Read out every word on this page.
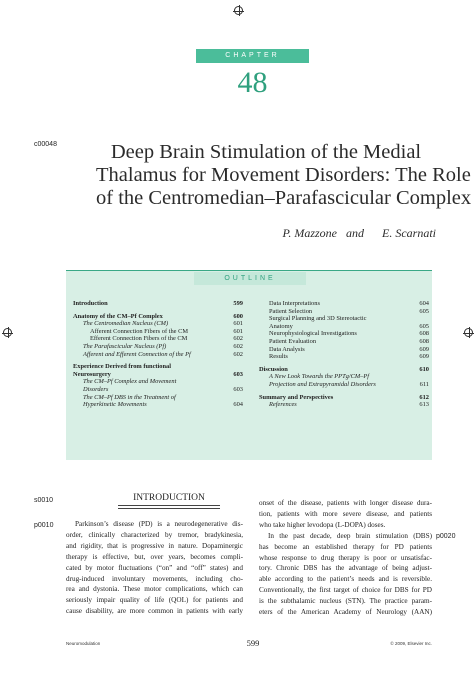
CHAPTER
48
c00048	Deep Brain Stimulation of the Medial
Thalamus for Movement Disorders: The Role
of the Centromedian–Parafascicular Complex
P. Mazzone and E. Scarnati
OUTLINE
Introduction	599
Anatomy of the CM–Pf Complex	600
The Centromedian Nucleus (CM)	601
Afferent Connection Fibers of the CM	601
Efferent Connection Fibers of the CM	602
The Parafascicular Nucleus (Pf)	602
Afferent and Efferent Connection of the Pf	602
Experience Derived from functional
Neurosurgery	603
The CM–Pf Complex and Movement
Disorders	603
The CM–Pf DBS in the Treatment of
Hyperkinetic Movements	604
Data Interpretations	604
Patient Selection	605
Surgical Planning and 3D Stereotactic
Anatomy	605
Neurophysiological Investigations	608
Patient Evaluation	608
Data Analysis	609
Results	609
Discussion	610
A New Look Towards the PPTg/CM–Pf
Projection and Extrapyramidal Disorders	611
Summary and Perspectives	612
References	613
s0010	INTRODUCTION
p0010	Parkinson’s disease (PD) is a neurodegenerative dis-
order, clinically characterized by tremor, bradykinesia,
and rigidity, that is progressive in nature. Dopaminergic
therapy is effective, but, over years, becomes compli-
cated by motor fluctuations (“on” and “off” states) and
drug-induced involuntary movements, including cho-
rea and dystonia. These motor complications, which can
seriously impair quality of life (QOL) for patients and
cause disability, are more common in patients with early
onset of the disease, patients with longer disease dura-
tion, patients with more severe disease, and patients
who take higher levodopa (L-DOPA) doses.
In the past decade, deep brain stimulation (DBS)
has become an established therapy for PD patients
whose response to drug therapy is poor or unsatisfac-
tory. Chronic DBS has the advantage of being adjust-
able according to the patient’s needs and is reversible.
Conventionally, the first target of choice for DBS for PD
is the subthalamic nucleus (STN). The practice param-
eters of the American Academy of Neurology (AAN)
p0020
Neuromodulation	599	© 2009, Elsevier Inc.
